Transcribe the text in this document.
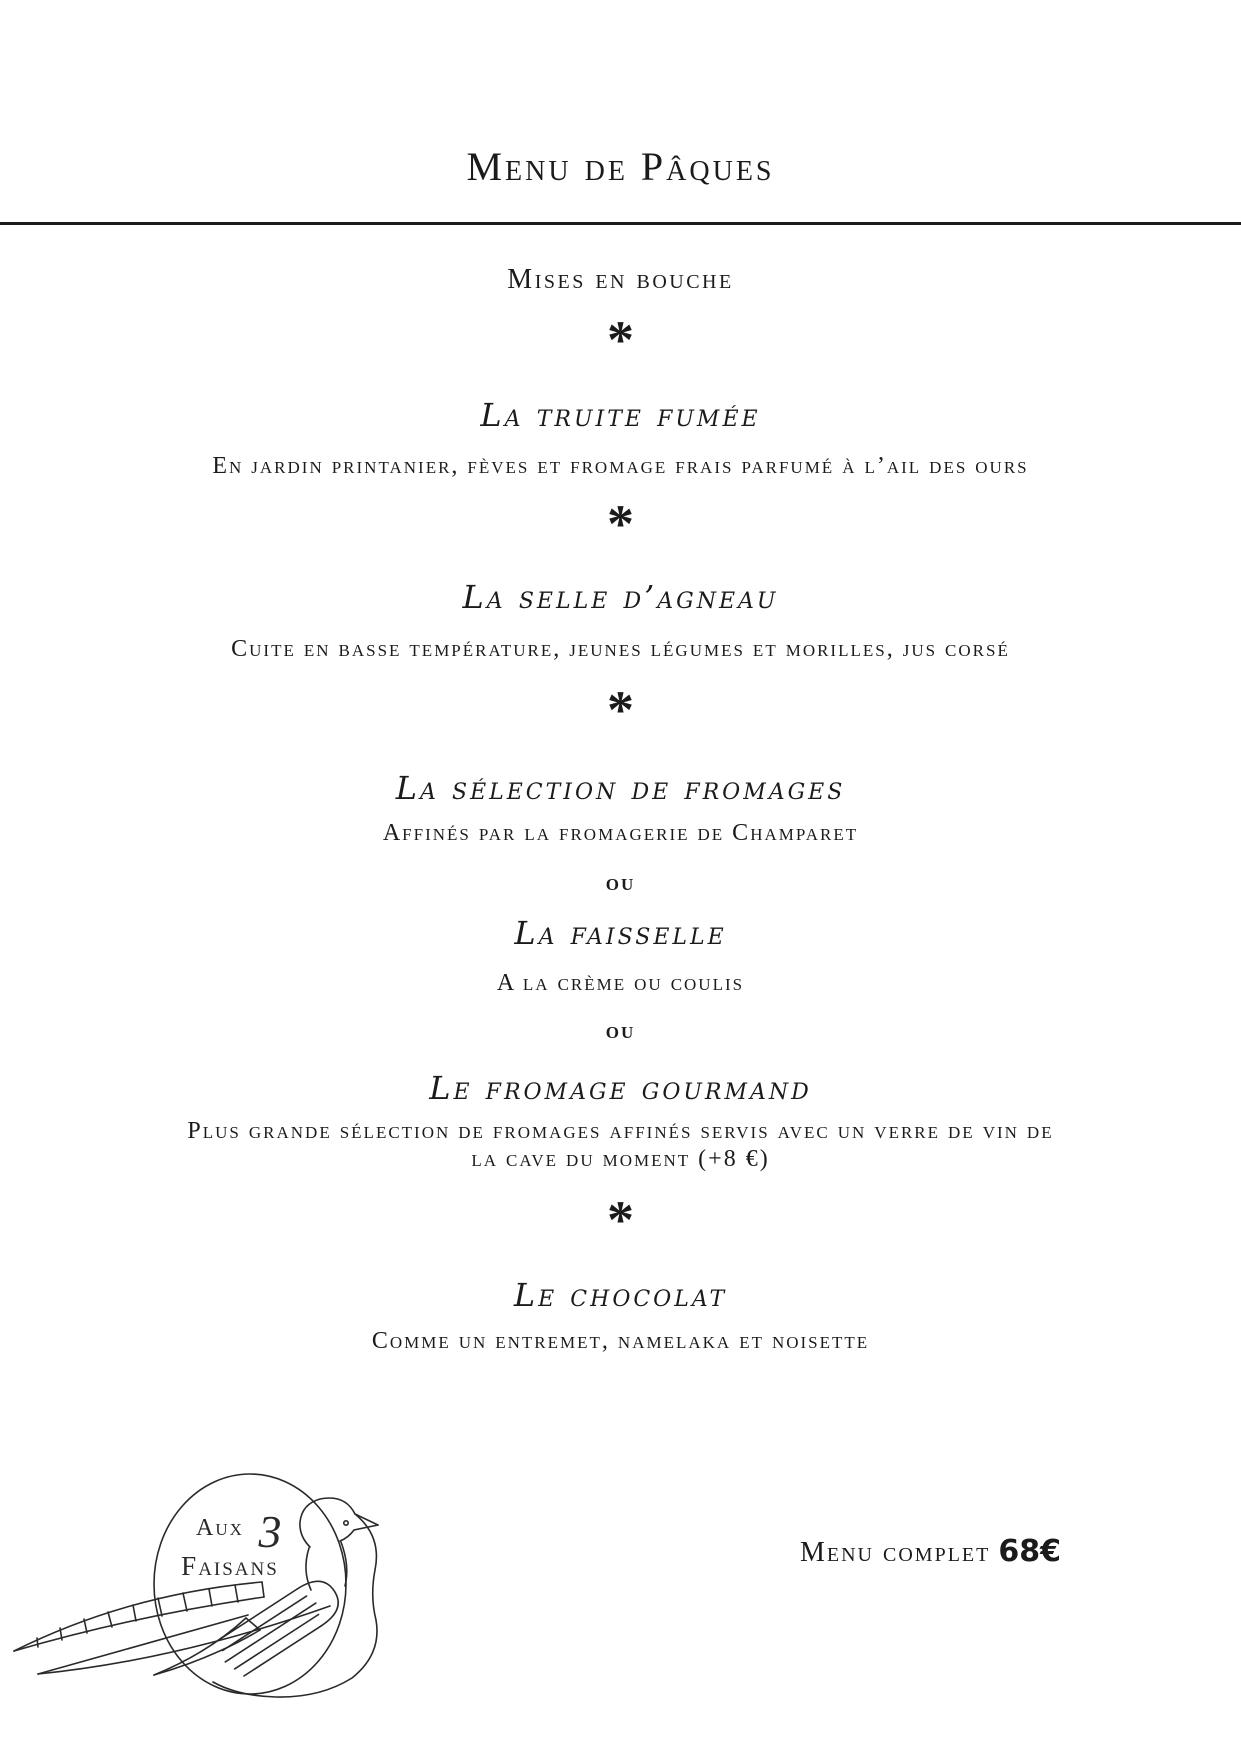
Menu de Pâques
Mises en bouche
*
La truite fumée
En jardin printanier, fèves et fromage frais parfumé à l’ail des ours
*
La selle d’agneau
Cuite en basse température, jeunes légumes et morilles, jus corsé
*
La sélection de fromages
Affinés par la fromagerie de Champaret
ou
La faisselle
A la crème ou coulis
ou
Le fromage gourmand
Plus grande sélection de fromages affinés servis avec un verre de vin de la cave du moment (+8 €)
*
Le chocolat
Comme un entremet, namelaka et noisette
Menu complet 68€
Aux 3
Faisans
